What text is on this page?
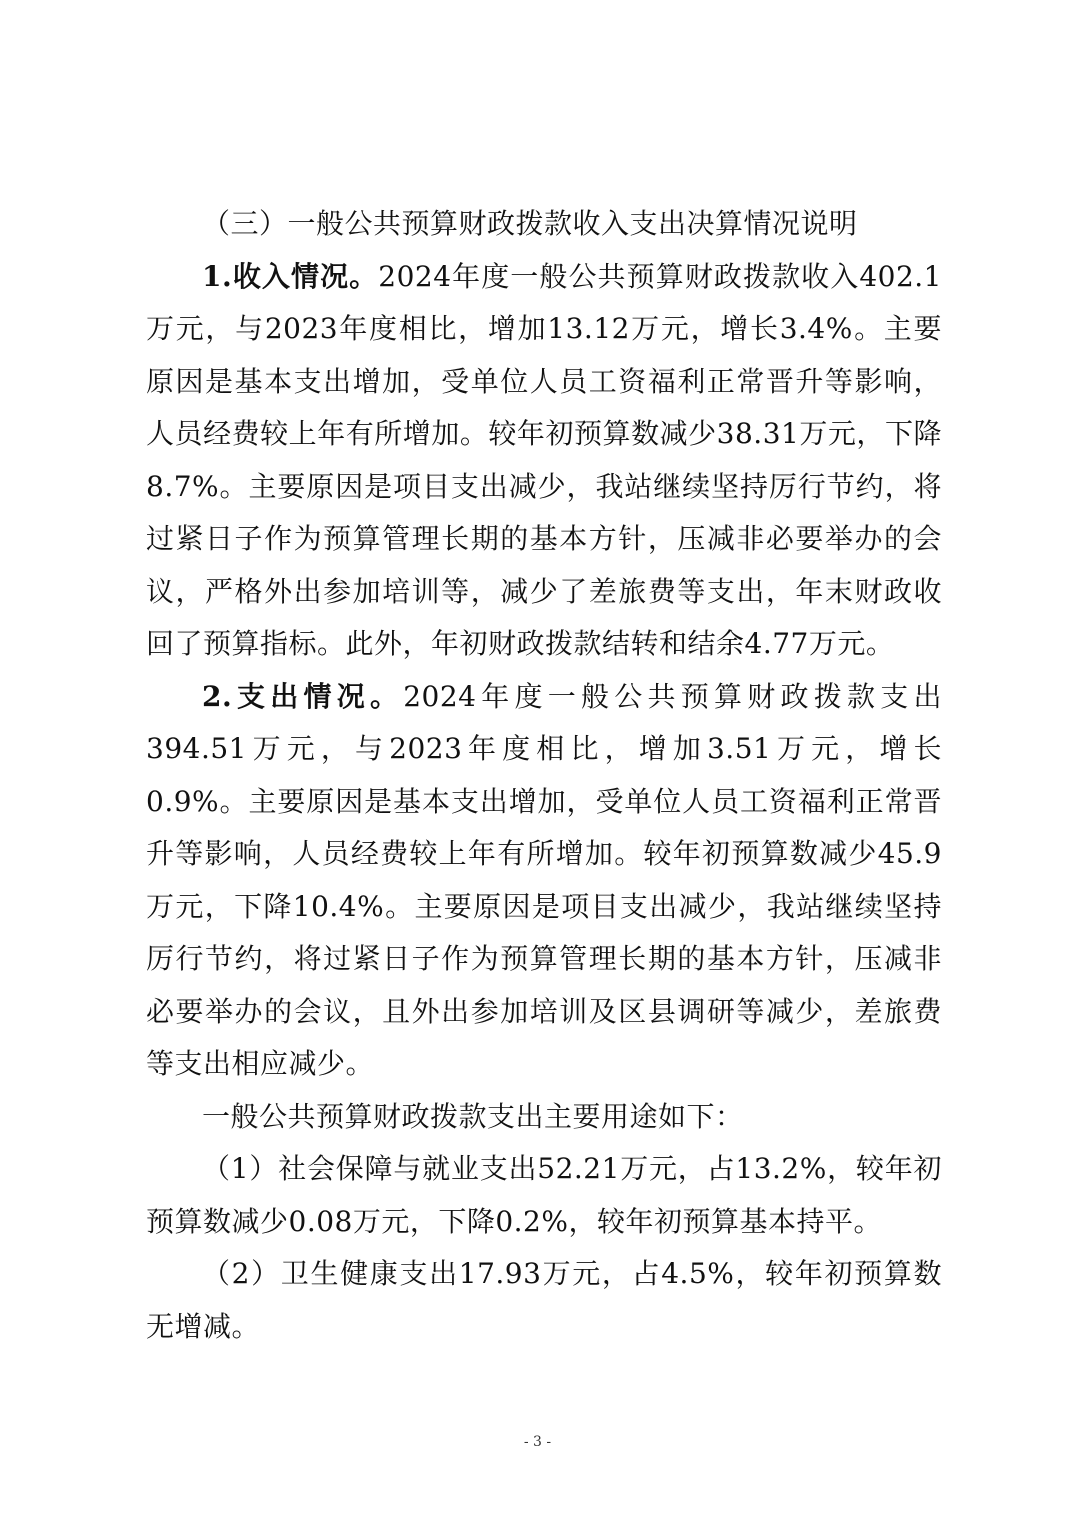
（三）一般公共预算财政拨款收入支出决算情况说明

1.收入情况。2024年度一般公共预算财政拨款收入402.1万元，与2023年度相比，增加13.12万元，增长3.4%。主要原因是基本支出增加，受单位人员工资福利正常晋升等影响，人员经费较上年有所增加。较年初预算数减少38.31万元，下降8.7%。主要原因是项目支出减少，我站继续坚持厉行节约，将过紧日子作为预算管理长期的基本方针，压减非必要举办的会议，严格外出参加培训等，减少了差旅费等支出，年末财政收回了预算指标。此外，年初财政拨款结转和结余4.77万元。

2.支出情况。2024年度一般公共预算财政拨款支出394.51万元，与2023年度相比，增加3.51万元，增长0.9%。主要原因是基本支出增加，受单位人员工资福利正常晋升等影响，人员经费较上年有所增加。较年初预算数减少45.9万元，下降10.4%。主要原因是项目支出减少，我站继续坚持厉行节约，将过紧日子作为预算管理长期的基本方针，压减非必要举办的会议，且外出参加培训及区县调研等减少，差旅费等支出相应减少。

一般公共预算财政拨款支出主要用途如下：

（1）社会保障与就业支出52.21万元，占13.2%，较年初预算数减少0.08万元，下降0.2%，较年初预算基本持平。

（2）卫生健康支出17.93万元，占4.5%，较年初预算数无增减。

- 3 -
